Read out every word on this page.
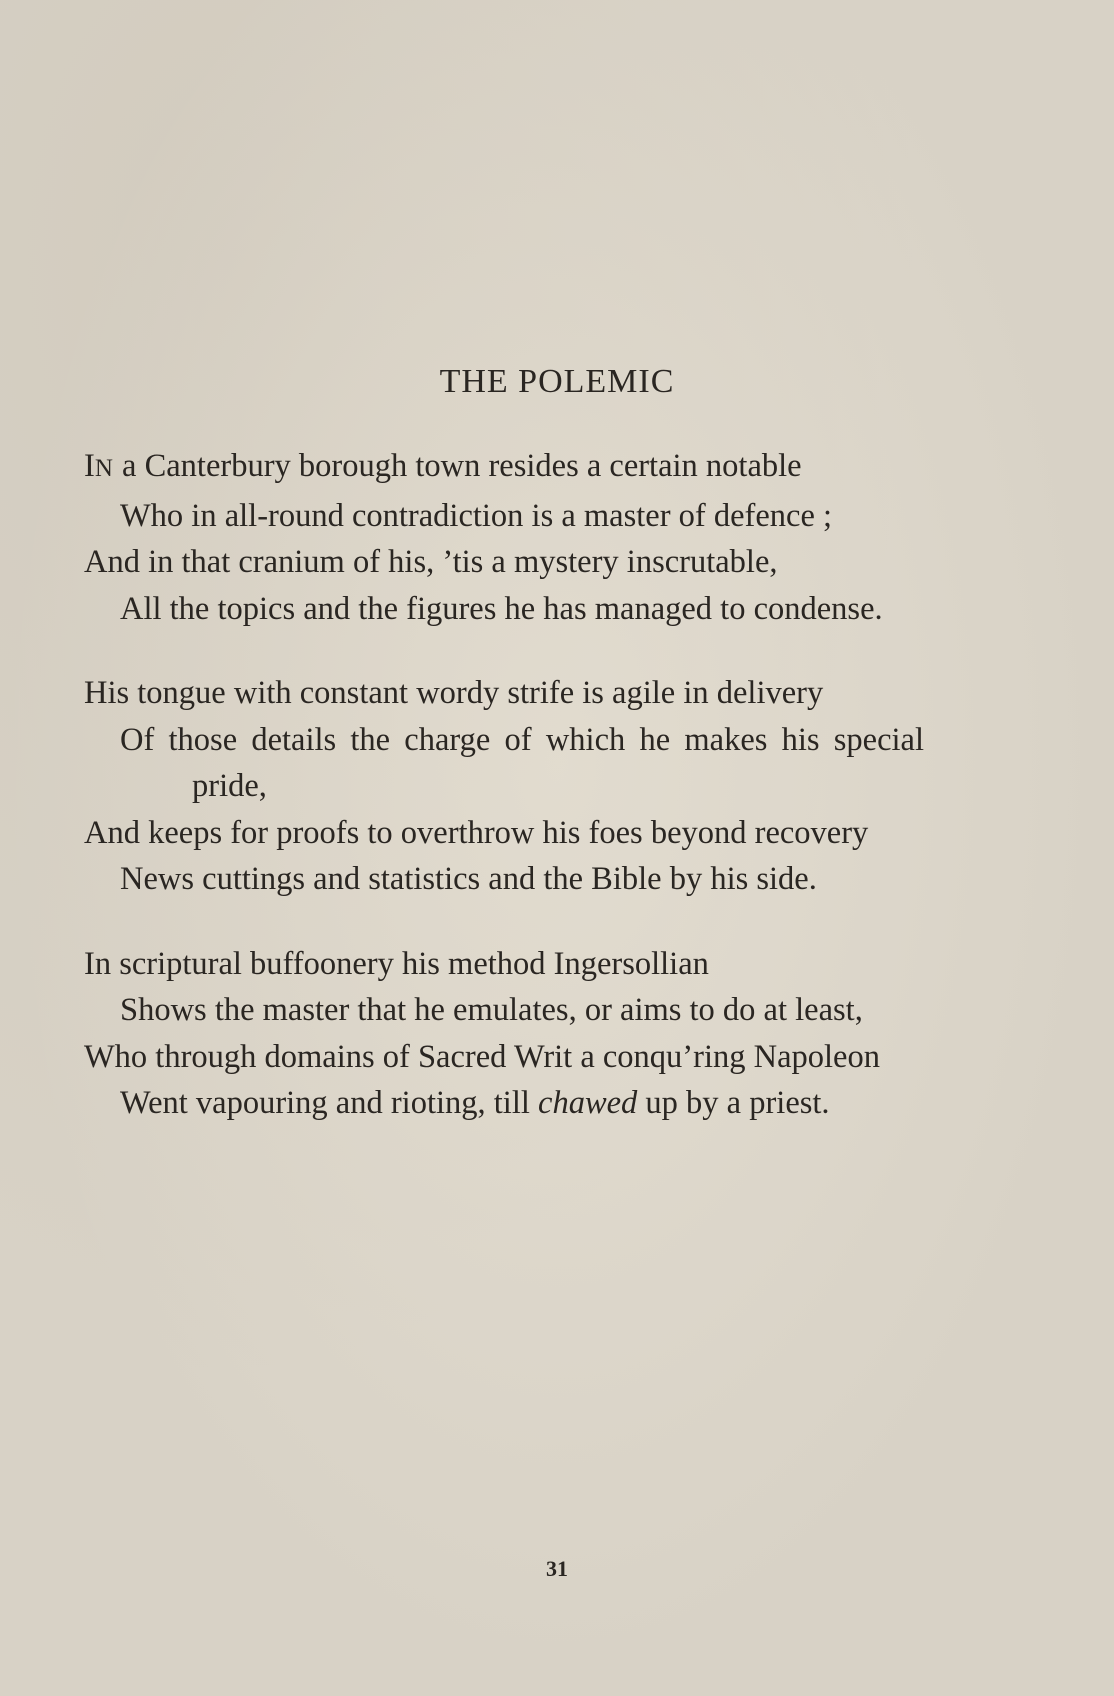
THE POLEMIC
IN a Canterbury borough town resides a certain notable
Who in all-round contradiction is a master of defence ;
And in that cranium of his, ’tis a mystery inscrutable,
All the topics and the figures he has managed to condense.
His tongue with constant wordy strife is agile in delivery
Of those details the charge of which he makes his special pride,
And keeps for proofs to overthrow his foes beyond recovery
News cuttings and statistics and the Bible by his side.
In scriptural buffoonery his method Ingersollian
Shows the master that he emulates, or aims to do at least,
Who through domains of Sacred Writ a conqu’ring Napoleon
Went vapouring and rioting, till chawed up by a priest.
31
